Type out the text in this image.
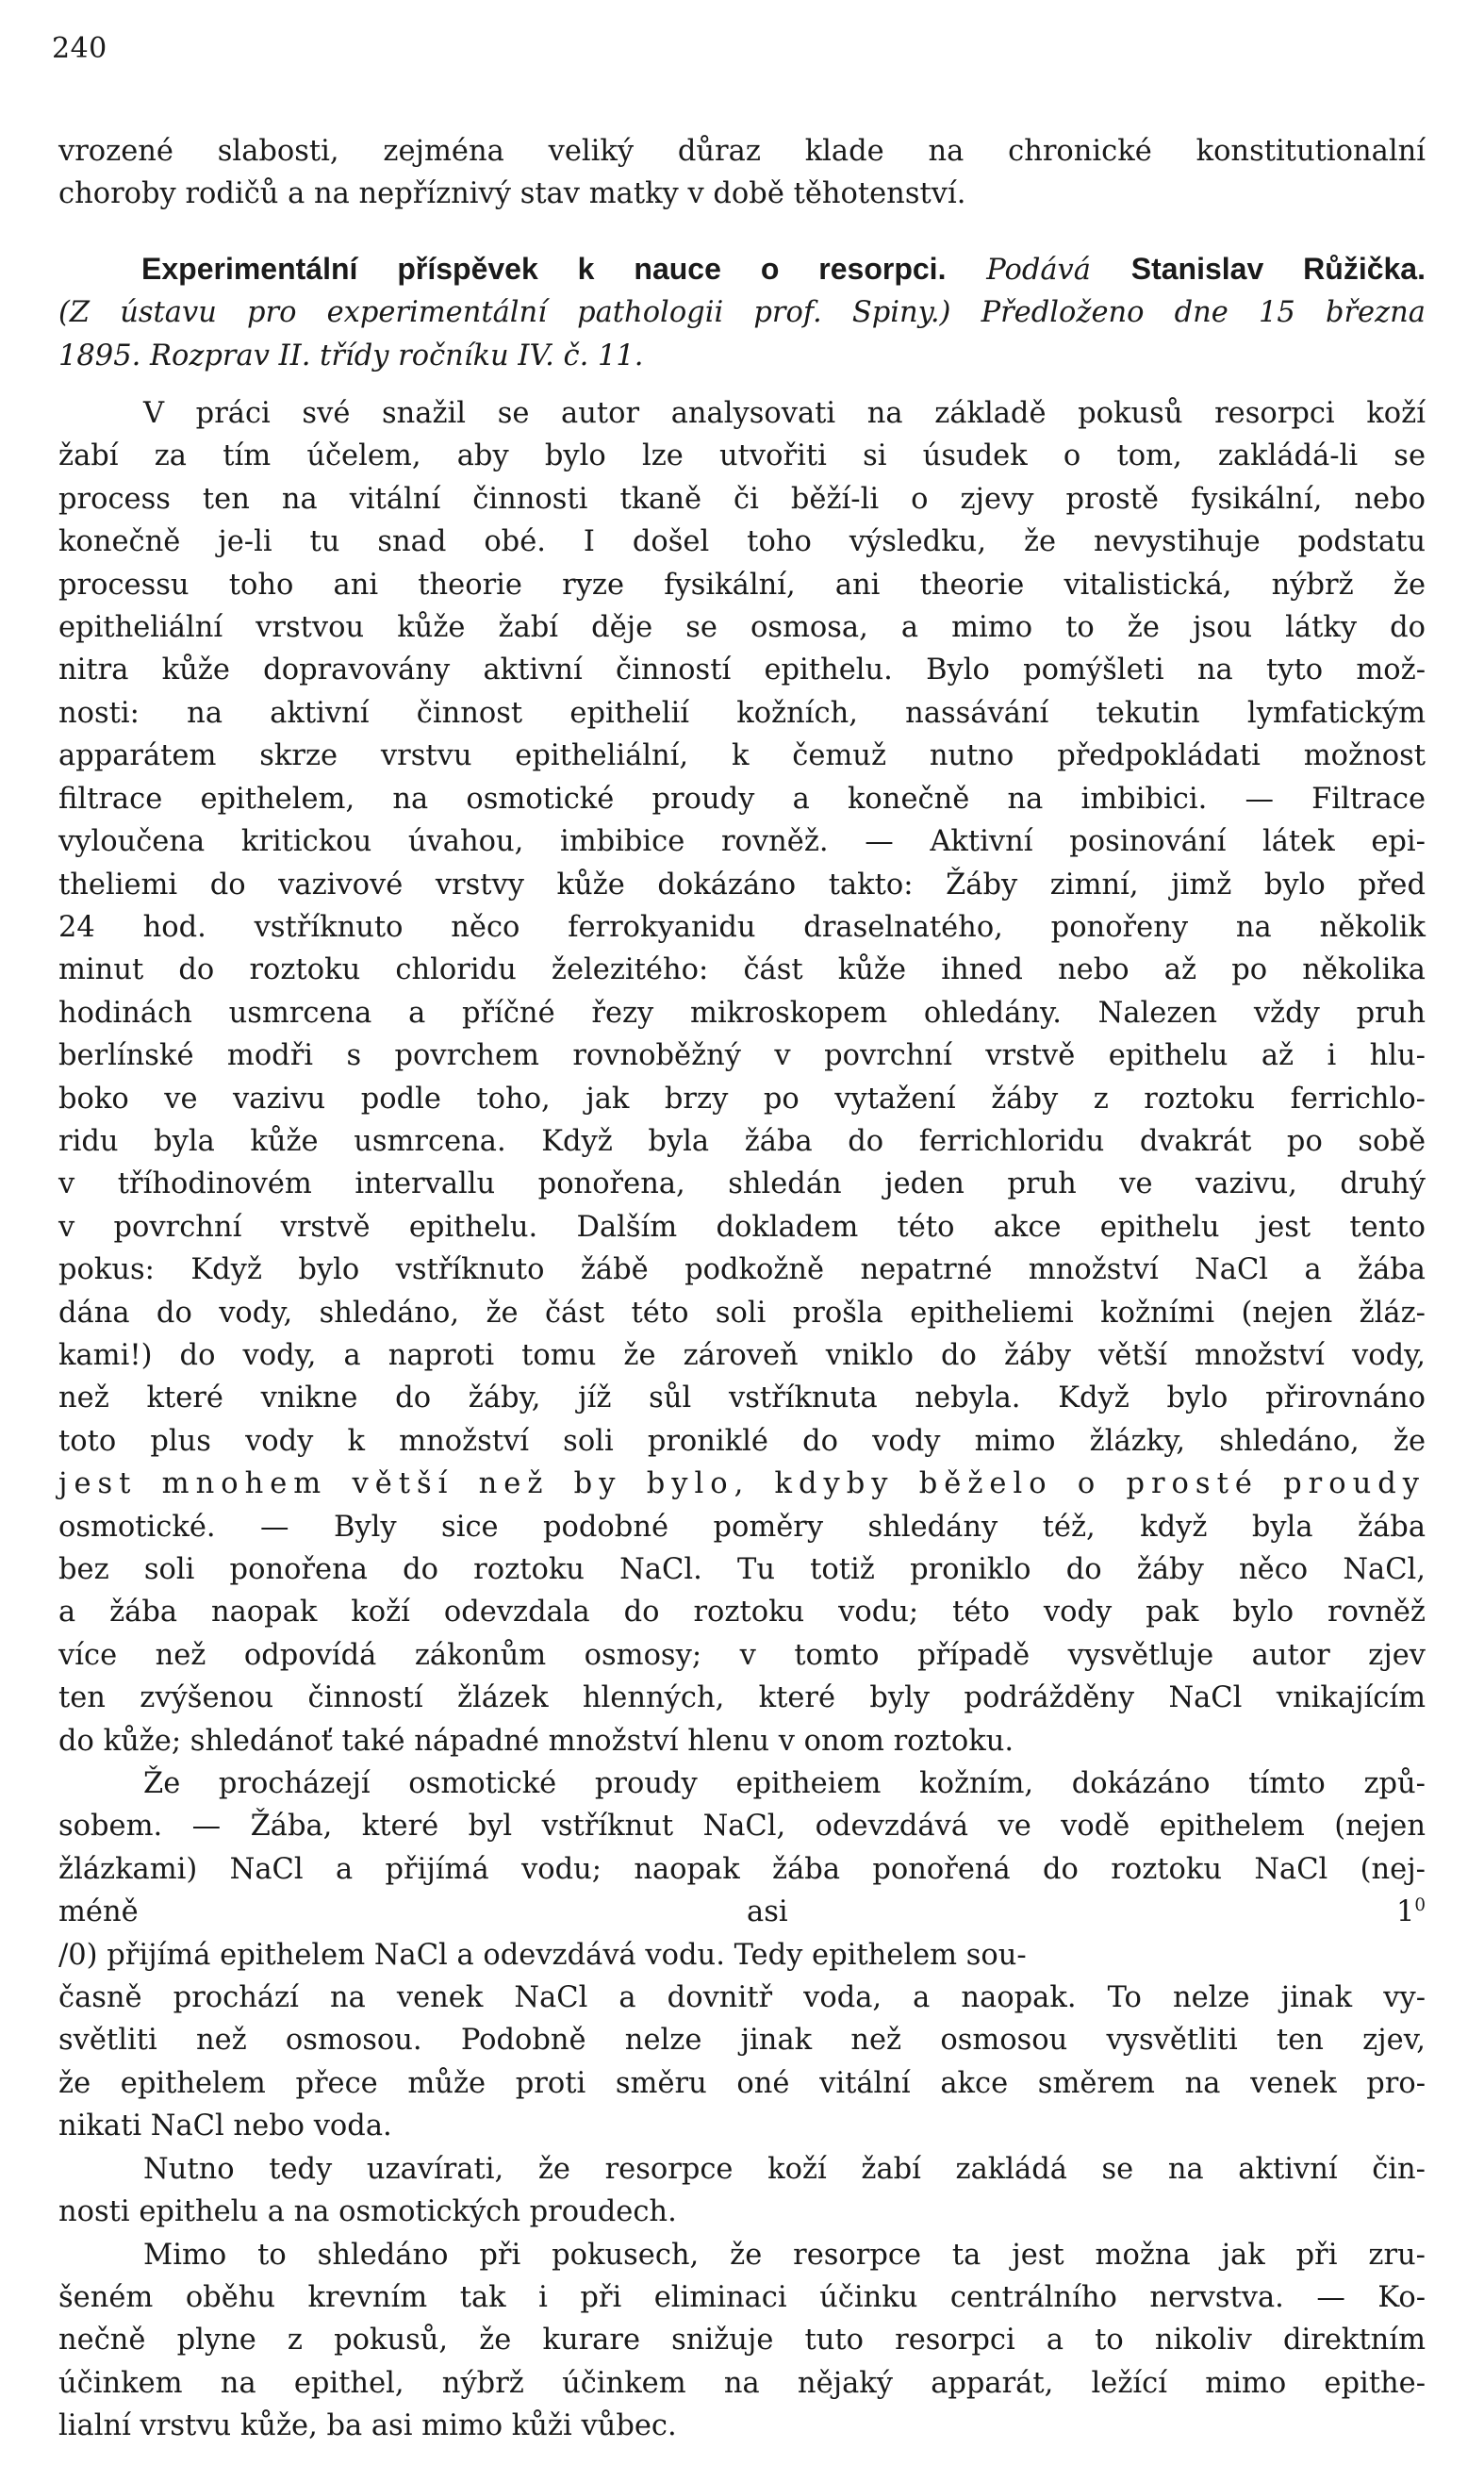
240
vrozené slabosti, zejména veliký důraz klade na chronické konstitutionalní
choroby rodičů a na nepříznivý stav matky v době těhotenství.
Experimentální příspěvek k nauce o resorpci. Podává Stanislav Růžička.
(Z ústavu pro experimentální pathologii prof. Spiny.) Předloženo dne 15 března
1895. Rozprav II. třídy ročníku IV. č. 11.
V práci své snažil se autor analysovati na základě pokusů resorpci koží
žabí za tím účelem, aby bylo lze utvořiti si úsudek o tom, zakládá-li se
process ten na vitální činnosti tkaně či běží-li o zjevy prostě fysikální, nebo
konečně je-li tu snad obé. I došel toho výsledku, že nevystihuje podstatu
processu toho ani theorie ryze fysikální, ani theorie vitalistická, nýbrž že
epitheliální vrstvou kůže žabí děje se osmosa, a mimo to že jsou látky do
nitra kůže dopravovány aktivní činností epithelu. Bylo pomýšleti na tyto mož-
nosti: na aktivní činnost epithelií kožních, nassávání tekutin lymfatickým
apparátem skrze vrstvu epitheliální, k čemuž nutno předpokládati možnost
filtrace epithelem, na osmotické proudy a konečně na imbibici. — Filtrace
vyloučena kritickou úvahou, imbibice rovněž. — Aktivní posinování látek epi-
theliemi do vazivové vrstvy kůže dokázáno takto: Žáby zimní, jimž bylo před
24 hod. vstříknuto něco ferrokyanidu draselnatého, ponořeny na několik
minut do roztoku chloridu železitého: část kůže ihned nebo až po několika
hodinách usmrcena a příčné řezy mikroskopem ohledány. Nalezen vždy pruh
berlínské modři s povrchem rovnoběžný v povrchní vrstvě epithelu až i hlu-
boko ve vazivu podle toho, jak brzy po vytažení žáby z roztoku ferrichlo-
ridu byla kůže usmrcena. Když byla žába do ferrichloridu dvakrát po sobě
v tříhodinovém intervallu ponořena, shledán jeden pruh ve vazivu, druhý
v povrchní vrstvě epithelu. Dalším dokladem této akce epithelu jest tento
pokus: Když bylo vstříknuto žábě podkožně nepatrné množství NaCl a žába
dána do vody, shledáno, že část této soli prošla epitheliemi kožními (nejen žláz-
kami!) do vody, a naproti tomu že zároveň vniklo do žáby větší množství vody,
než které vnikne do žáby, jíž sůl vstříknuta nebyla. Když bylo přirovnáno
toto plus vody k množství soli proniklé do vody mimo žlázky, shledáno, že
jest mnohem větší než by bylo, kdyby běželo o prosté proudy
osmotické. — Byly sice podobné poměry shledány též, když byla žába
bez soli ponořena do roztoku NaCl. Tu totiž proniklo do žáby něco NaCl,
a žába naopak koží odevzdala do roztoku vodu; této vody pak bylo rovněž
více než odpovídá zákonům osmosy; v tomto případě vysvětluje autor zjev
ten zvýšenou činností žlázek hlenných, které byly podrážděny NaCl vnikajícím
do kůže; shledánoť také nápadné množství hlenu v onom roztoku.
Že procházejí osmotické proudy epitheiem kožním, dokázáno tímto způ-
sobem. — Žába, které byl vstříknut NaCl, odevzdává ve vodě epithelem (nejen
žlázkami) NaCl a přijímá vodu; naopak žába ponořená do roztoku NaCl (nej-
méně asi $1^0$
/0) přijímá epithelem NaCl a odevzdává vodu. Tedy epithelem sou-
časně prochází na venek NaCl a dovnitř voda, a naopak. To nelze jinak vy-
světliti než osmosou. Podobně nelze jinak než osmosou vysvětliti ten zjev,
že epithelem přece může proti směru oné vitální akce směrem na venek pro-
nikati NaCl nebo voda.
Nutno tedy uzavírati, že resorpce koží žabí zakládá se na aktivní čin-
nosti epithelu a na osmotických proudech.
Mimo to shledáno při pokusech, že resorpce ta jest možna jak při zru-
šeném oběhu krevním tak i při eliminaci účinku centrálního nervstva. — Ko-
nečně plyne z pokusů, že kurare snižuje tuto resorpci a to nikoliv direktním
účinkem na epithel, nýbrž účinkem na nějaký apparát, ležící mimo epithe-
lialní vrstvu kůže, ba asi mimo kůži vůbec.
